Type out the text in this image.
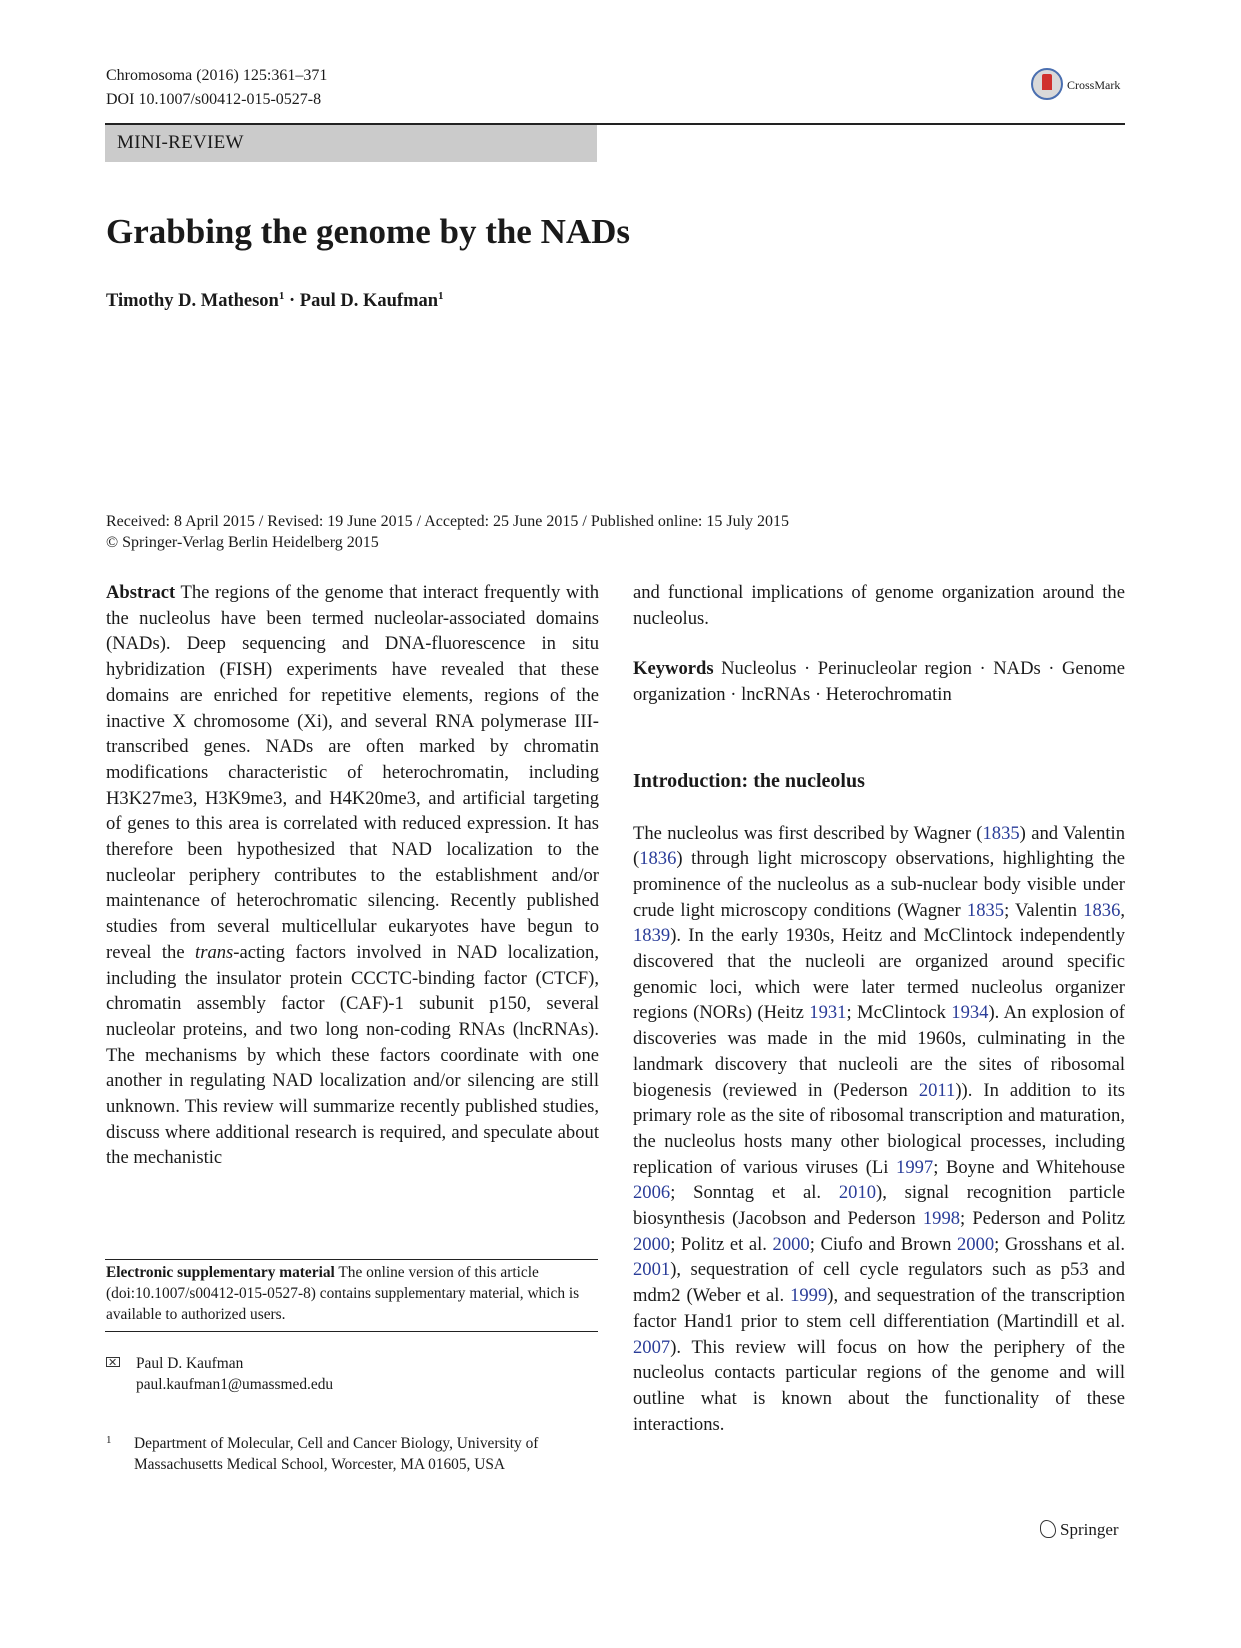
Chromosoma (2016) 125:361–371
DOI 10.1007/s00412-015-0527-8
CrossMark
MINI-REVIEW
Grabbing the genome by the NADs
Timothy D. Matheson$^1$ · Paul D. Kaufman$^1$
Received: 8 April 2015 / Revised: 19 June 2015 / Accepted: 25 June 2015 / Published online: 15 July 2015
© Springer-Verlag Berlin Heidelberg 2015

Abstract The regions of the genome that interact frequently with the nucleolus have been termed nucleolar-associated domains (NADs). Deep sequencing and DNA-fluorescence in situ hybridization (FISH) experiments have revealed that these domains are enriched for repetitive elements, regions of the inactive X chromosome (Xi), and several RNA polymerase III-transcribed genes. NADs are often marked by chromatin modifications characteristic of heterochromatin, including H3K27me3, H3K9me3, and H4K20me3, and artificial targeting of genes to this area is correlated with reduced expression. It has therefore been hypothesized that NAD localization to the nucleolar periphery contributes to the establishment and/or maintenance of heterochromatic silencing. Recently published studies from several multicellular eukaryotes have begun to reveal the trans-acting factors involved in NAD localization, including the insulator protein CCCTC-binding factor (CTCF), chromatin assembly factor (CAF)-1 subunit p150, several nucleolar proteins, and two long non-coding RNAs (lncRNAs). The mechanisms by which these factors coordinate with one another in regulating NAD localization and/or silencing are still unknown. This review will summarize recently published studies, discuss where additional research is required, and speculate about the mechanistic

and functional implications of genome organization around the nucleolus.

Keywords Nucleolus · Perinucleolar region · NADs · Genome organization · lncRNAs · Heterochromatin

Introduction: the nucleolus

The nucleolus was first described by Wagner (1835) and Valentin (1836) through light microscopy observations, highlighting the prominence of the nucleolus as a sub-nuclear body visible under crude light microscopy conditions (Wagner 1835; Valentin 1836, 1839). In the early 1930s, Heitz and McClintock independently discovered that the nucleoli are organized around specific genomic loci, which were later termed nucleolus organizer regions (NORs) (Heitz 1931; McClintock 1934). An explosion of discoveries was made in the mid 1960s, culminating in the landmark discovery that nucleoli are the sites of ribosomal biogenesis (reviewed in (Pederson 2011)). In addition to its primary role as the site of ribosomal transcription and maturation, the nucleolus hosts many other biological processes, including replication of various viruses (Li 1997; Boyne and Whitehouse 2006; Sonntag et al. 2010), signal recognition particle biosynthesis (Jacobson and Pederson 1998; Pederson and Politz 2000; Politz et al. 2000; Ciufo and Brown 2000; Grosshans et al. 2001), sequestration of cell cycle regulators such as p53 and mdm2 (Weber et al. 1999), and sequestration of the transcription factor Hand1 prior to stem cell differentiation (Martindill et al. 2007). This review will focus on how the periphery of the nucleolus contacts particular regions of the genome and will outline what is known about the functionality of these interactions.

Electronic supplementary material The online version of this article (doi:10.1007/s00412-015-0527-8) contains supplementary material, which is available to authorized users.
✕
Paul D. Kaufman
paul.kaufman1@umassmed.edu
1 Department of Molecular, Cell and Cancer Biology, University of
Massachusetts Medical School, Worcester, MA 01605, USA
Springer
